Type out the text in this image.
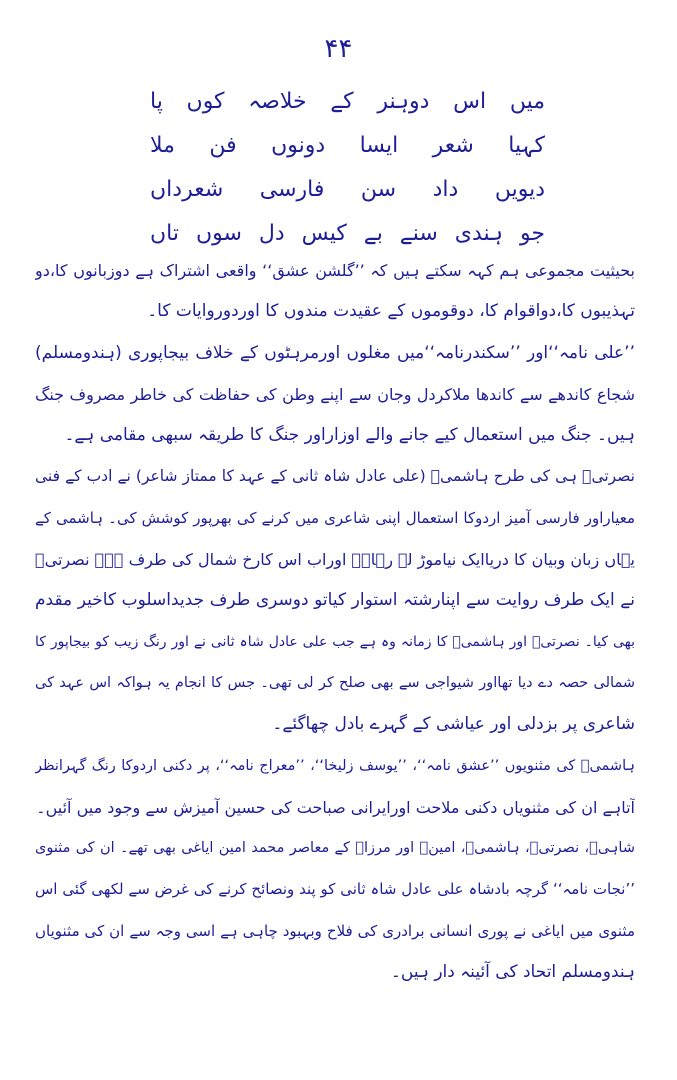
۴۴
میں اس دوہنر کے خلاصہ کوں پا
کہیا شعر ایسا دونوں فن ملا
دیویں داد سن فارسی شعرداں
جو ہندی سنے بے کیس دل سوں تاں
بحیثیت مجموعی ہم کہہ سکتے ہیں کہ ’’گلشن عشق‘‘ واقعی اشتراک ہے دوزبانوں کا،دو
تہذیبوں کا،دواقوام کا، دوقوموں کے عقیدت مندوں کا اوردوروایات کا۔
’’علی نامہ‘‘اور ’’سکندرنامہ‘‘میں مغلوں اورمرہٹوں کے خلاف بیجاپوری (ہندومسلم)
شجاع کاندھے سے کاندھا ملاکردل وجان سے اپنے وطن کی حفاظت کی خاطر مصروف جنگ
ہیں۔ جنگ میں استعمال کیے جانے والے اوزاراور جنگ کا طریقہ سبھی مقامی ہے۔
نصرتیؔ ہی کی طرح ہاشمیؔ (علی عادل شاہ ثانی کے عہد کا ممتاز شاعر) نے ادب کے فنی
معیاراور فارسی آمیز اردوکا استعمال اپنی شاعری میں کرنے کی بھرپور کوشش کی۔ ہاشمی کے
یہاں زبان وبیان کا دریاایک نیاموڑ لے رہاہے اوراب اس کارخ شمال کی طرف ہے۔ نصرتیؔ
نے ایک طرف روایت سے اپنارشتہ استوار کیاتو دوسری طرف جدیداسلوب کاخیر مقدم
بھی کیا۔ نصرتیؔ اور ہاشمیؔ کا زمانہ وہ ہے جب علی عادل شاہ ثانی نے اور رنگ زیب کو بیجاپور کا
شمالی حصہ دے دیا تھااور شیواجی سے بھی صلح کر لی تھی۔ جس کا انجام یہ ہواکہ اس عہد کی
شاعری پر بزدلی اور عیاشی کے گہرے بادل چھاگئے۔
ہاشمیؔ کی مثنویوں ’’عشق نامہ‘‘، ’’یوسف زلیخا‘‘، ’’معراج نامہ‘‘، پر دکنی اردوکا رنگ گہرانظر
آتاہے ان کی مثنویاں دکنی ملاحت اورایرانی صباحت کی حسین آمیزش سے وجود میں آئیں۔
شاہیؔ، نصرتیؔ، ہاشمیؔ، امینؔ اور مرزاؔ کے معاصر محمد امین ایاغی بھی تھے۔ ان کی مثنوی
’’نجات نامہ‘‘ گرچہ بادشاہ علی عادل شاہ ثانی کو پند ونصائح کرنے کی غرض سے لکھی گئی اس
مثنوی میں ایاغی نے پوری انسانی برادری کی فلاح وبہبود چاہی ہے اسی وجہ سے ان کی مثنویاں
ہندومسلم اتحاد کی آئینہ دار ہیں۔
